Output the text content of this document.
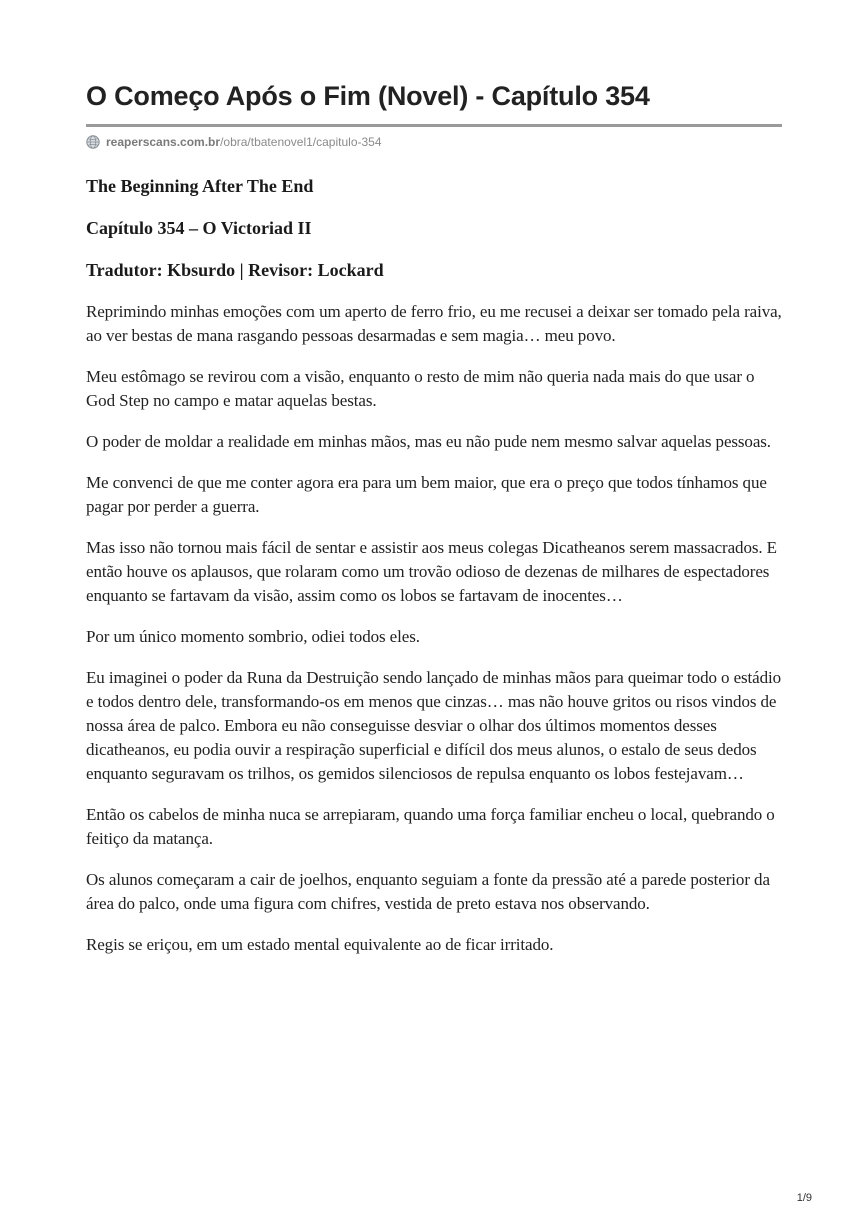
O Começo Após o Fim (Novel) - Capítulo 354
reaperscans.com.br /obra/tbatenovel1/capitulo-354

The Beginning After The End

Capítulo 354 – O Victoriad II

Tradutor: Kbsurdo | Revisor: Lockard

Reprimindo minhas emoções com um aperto de ferro frio, eu me recusei a deixar ser tomado pela raiva, ao ver bestas de mana rasgando pessoas desarmadas e sem magia… meu povo.

Meu estômago se revirou com a visão, enquanto o resto de mim não queria nada mais do que usar o God Step no campo e matar aquelas bestas.

O poder de moldar a realidade em minhas mãos, mas eu não pude nem mesmo salvar aquelas pessoas.

Me convenci de que me conter agora era para um bem maior, que era o preço que todos tínhamos que pagar por perder a guerra.

Mas isso não tornou mais fácil de sentar e assistir aos meus colegas Dicatheanos serem massacrados. E então houve os aplausos, que rolaram como um trovão odioso de dezenas de milhares de espectadores enquanto se fartavam da visão, assim como os lobos se fartavam de inocentes…

Por um único momento sombrio, odiei todos eles.

Eu imaginei o poder da Runa da Destruição sendo lançado de minhas mãos para queimar todo o estádio e todos dentro dele, transformando-os em menos que cinzas… mas não houve gritos ou risos vindos de nossa área de palco. Embora eu não conseguisse desviar o olhar dos últimos momentos desses dicatheanos, eu podia ouvir a respiração superficial e difícil dos meus alunos, o estalo de seus dedos enquanto seguravam os trilhos, os gemidos silenciosos de repulsa enquanto os lobos festejavam…

Então os cabelos de minha nuca se arrepiaram, quando uma força familiar encheu o local, quebrando o feitiço da matança.

Os alunos começaram a cair de joelhos, enquanto seguiam a fonte da pressão até a parede posterior da área do palco, onde uma figura com chifres, vestida de preto estava nos observando.

Regis se eriçou, em um estado mental equivalente ao de ficar irritado.

1/9
